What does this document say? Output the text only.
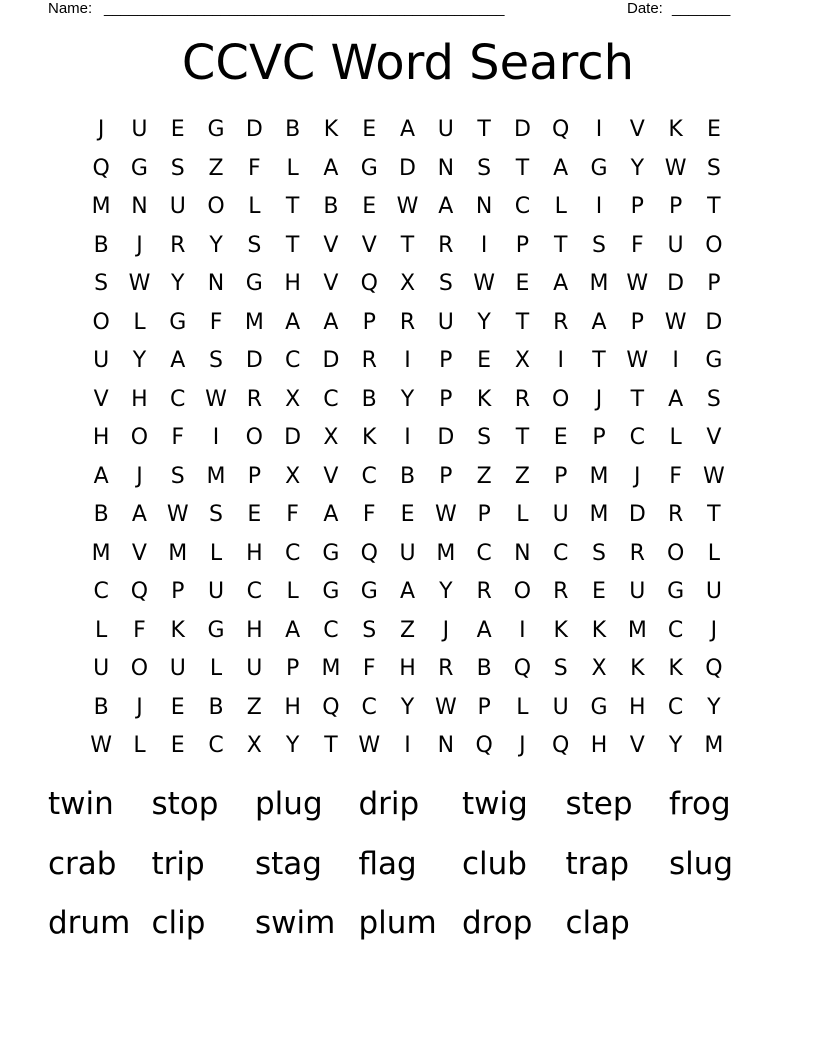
Name: ________________________________________________	Date: _______
CCVC Word Search
J	U	E	G D	B	K	E	A	U	T	D Q	I	V	K	E
Q G	S	Z	F	L	A	G D N	S	T	A	G	Y W S
M N	U O	L	T	B	E W A	N	C	L	I	P	P	T
B	J	R	Y	S	T	V	V	T	R	I	P	T	S	F	U O
S W Y	N G H	V	Q	X	S W E	A M W D	P
O	L	G	F	M A	A	P	R	U	Y	T	R	A	P W D
U	Y	A	S	D	C	D	R	I	P	E	X	I	T W	I	G
V	H	C W R	X	C	B	Y	P	K	R O	J	T	A	S
H O	F	I	O D	X	K	I	D	S	T	E	P	C	L	V
A	J	S M	P	X	V	C	B	P	Z	Z	P	M	J	F W
B	A W S	E	F	A	F	E W P	L	U M D	R	T
M V M	L	H	C	G Q U M C	N	C	S	R O	L
C Q	P	U	C	L	G G	A	Y	R O R	E	U G U
L	F	K	G H	A	C	S	Z	J	A	I	K	K M C	J
U O U	L	U	P	M	F	H	R	B	Q	S	X	K	K	Q
B	J	E	B	Z	H Q C	Y W P	L	U G H	C	Y
W L	E	C	X	Y	T W	I	N Q	J	Q H	V	Y	M
twin	stop	plug	drip	twig	step	frog
crab	trip	stag	flag	club	trap	slug
drum clip	swim plum drop	clap
